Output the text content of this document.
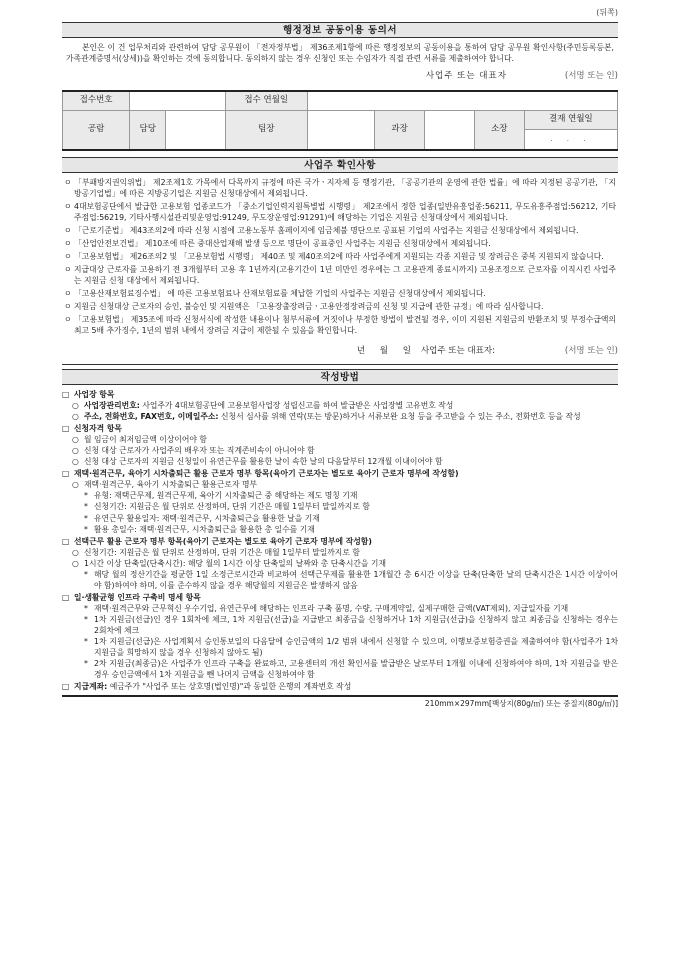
(뒤쪽)
행정정보 공동이용 동의서
본인은 이 건 업무처리와 관련하여 담당 공무원이 「전자정부법」 제36조제1항에 따른 행정정보의 공동이용을 통하여 담당 공무원 확인사항(주민등록등본, 가족관계증명서(상세))을 확인하는 것에 동의합니다. 동의하지 않는 경우 신청인 또는 수임자가 직접 관련 서류를 제출하여야 합니다.
사업주 또는 대표자	(서명 또는 인)
접수번호		접수 연월일					
공람	담당	팀장		과장		소장	결재 연월일
							. . .
사업주 확인사항
ㅇ 「부패방지권익위법」 제2조제1호 가목에서 다목까지 규정에 따른 국가ㆍ지자체 등 행정기관, 「공공기관의 운영에 관한 법률」에 따라 지정된 공공기관, 「지방공기업법」에 따른 지방공기업은 지원금 신청대상에서 제외됩니다.
ㅇ 4대보험공단에서 발급한 고용보험 업종코드가 「중소기업인력지원특별법 시행령」 제2조에서 정한 업종(일반유흥업종:56211, 무도유흥주점업:56212, 기타주점업:56219, 기타사행시설관리및운영업:91249, 무도장운영업:91291)에 해당하는 기업은 지원금 신청대상에서 제외됩니다.
ㅇ 「근로기준법」 제43조의2에 따라 신청 시점에 고용노동부 홈페이지에 임금체불 명단으로 공표된 기업의 사업주는 지원금 신청대상에서 제외됩니다.
ㅇ 「산업안전보건법」 제10조에 따른 중대산업재해 발생 등으로 명단이 공표중인 사업주는 지원금 신청대상에서 제외됩니다.
ㅇ 「고용보험법」 제26조의2 및 「고용보험법 시행령」 제40조 및 제40조의2에 따라 사업주에게 지원되는 각종 지원금 및 장려금은 중복 지원되지 않습니다.
ㅇ 지급대상 근로자를 고용하기 전 3개월부터 고용 후 1년까지(고용기간이 1년 미만인 경우에는 그 고용관계 종료시까지) 고용조정으로 근로자를 이직시킨 사업주는 지원금 신청 대상에서 제외됩니다.
ㅇ 「고용산재보험료징수법」 에 따른 고용보험료나 산재보험료를 체납한 기업의 사업주는 지원금 신청대상에서 제외됩니다.
ㅇ 지원금 신청대상 근로자의 승인, 불승인 및 지원액은 「고용장출장려금ㆍ고용안정장려금의 신청 및 지급에 관한 규정」에 따라 심사합니다.
ㅇ 「고용보험법」 제35조에 따라 신청서식에 작성한 내용이나 첨부서류에 거짓이나 부정한 방법이 발견될 경우, 이미 지원된 지원금의 반환조치 및 부정수급액의 최고 5배 추가징수, 1년의 범위 내에서 장려금 지급이 제한될 수 있음을 확인합니다.
년 월 일 사업주 또는 대표자:	(서명 또는 인)
작성방법
□ 사업장 항목
○ 사업장관리번호: 사업주가 4대보험공단에 고용보험사업장 성립신고를 하여 발급받은 사업장별 고유번호 작성
○ 주소, 전화번호, FAX번호, 이메일주소: 신청서 심사를 위해 연락(또는 방문)하거나 서류보완 요청 등을 주고받을 수 있는 주소, 전화번호 등을 작성
□ 신청자격 항목
○ 월 임금이 최저임금액 이상이어야 함
○ 신청 대상 근로자가 사업주의 배우자 또는 직계존비속이 아니어야 함
○ 신청 대상 근로자의 지원금 신청일이 유연근무를 활용한 날이 속한 날의 다음달부터 12개월 이내이어야 함
□ 재택·원격근무, 육아기 시차출퇴근 활용 근로자 명부 항목(육아기 근로자는 별도로 육아기 근로자 명부에 작성함)
○ 재택·원격근무, 육아기 시차출퇴근 활용근로자 명부
* 유형: 재택근무제, 원격근무제, 육아기 시차출퇴근 중 해당하는 제도 명칭 기재
* 신청기간: 지원금은 월 단위로 산정하며, 단위 기간은 매월 1일부터 말일까지로 함
* 유연근무 활용일자: 재택·원격근무, 시차출퇴근을 활용한 날을 기재
* 활용 총일수: 재택·원격근무, 시차출퇴근을 활용한 총 일수를 기재
□ 선택근무 활용 근로자 명부 항목(육아기 근로자는 별도로 육아기 근로자 명부에 작성함)
○ 신청기간: 지원금은 월 단위로 산정하며, 단위 기간은 매월 1일부터 말일까지로 함
○ 1시간 이상 단축일(단축시간): 해당 월의 1시간 이상 단축일의 날짜와 총 단축시간을 기재
* 해당 월의 정산기간을 평균한 1일 소정근로시간과 비교하여 선택근무제를 활용한 1개월간 총 6시간 이상을 단축(단축한 날의 단축시간은 1시간 이상이어야 함)하여야 하며, 이를 준수하지 않을 경우 해당월의 지원금은 발생하지 않음
□ 일·생활균형 인프라 구축비 명세 항목
* 재택·원격근무와 근무혁신 우수기업, 유연근무에 해당하는 인프라 구축 품명, 수량, 구매계약일, 실제구매한 금액(VAT제외), 지급일자를 기재
* 1차 지원금(선급)인 경우 1회차에 체크, 1차 지원금(선급)을 지급받고 최종금을 신청하거나 1차 지원금(선급)을 신청하지 않고 최종금을 신청하는 경우는 2회차에 체크
* 1차 지원금(선급)은 사업계획서 승인통보일의 다음달에 승인금액의 1/2 범위 내에서 신청할 수 있으며, 이행보증보험증권을 제출하여야 함(사업주가 1차 지원금을 희망하지 않을 경우 신청하지 않아도 됨)
* 2차 지원금(최종금)은 사업주가 인프라 구축을 완료하고, 고용센터의 개선 확인서를 발급받은 날로부터 1개월 이내에 신청하여야 하며, 1차 지원금을 받은 경우 승인금액에서 1차 지원금을 뺀 나머지 금액을 신청하여야 함
□ 지급계좌: 예금주가 "사업주 또는 상호명(법인명)"과 동일한 은행의 계좌번호 작성
210mm×297mm[백상지(80g/㎡) 또는 중질지(80g/㎡)]
